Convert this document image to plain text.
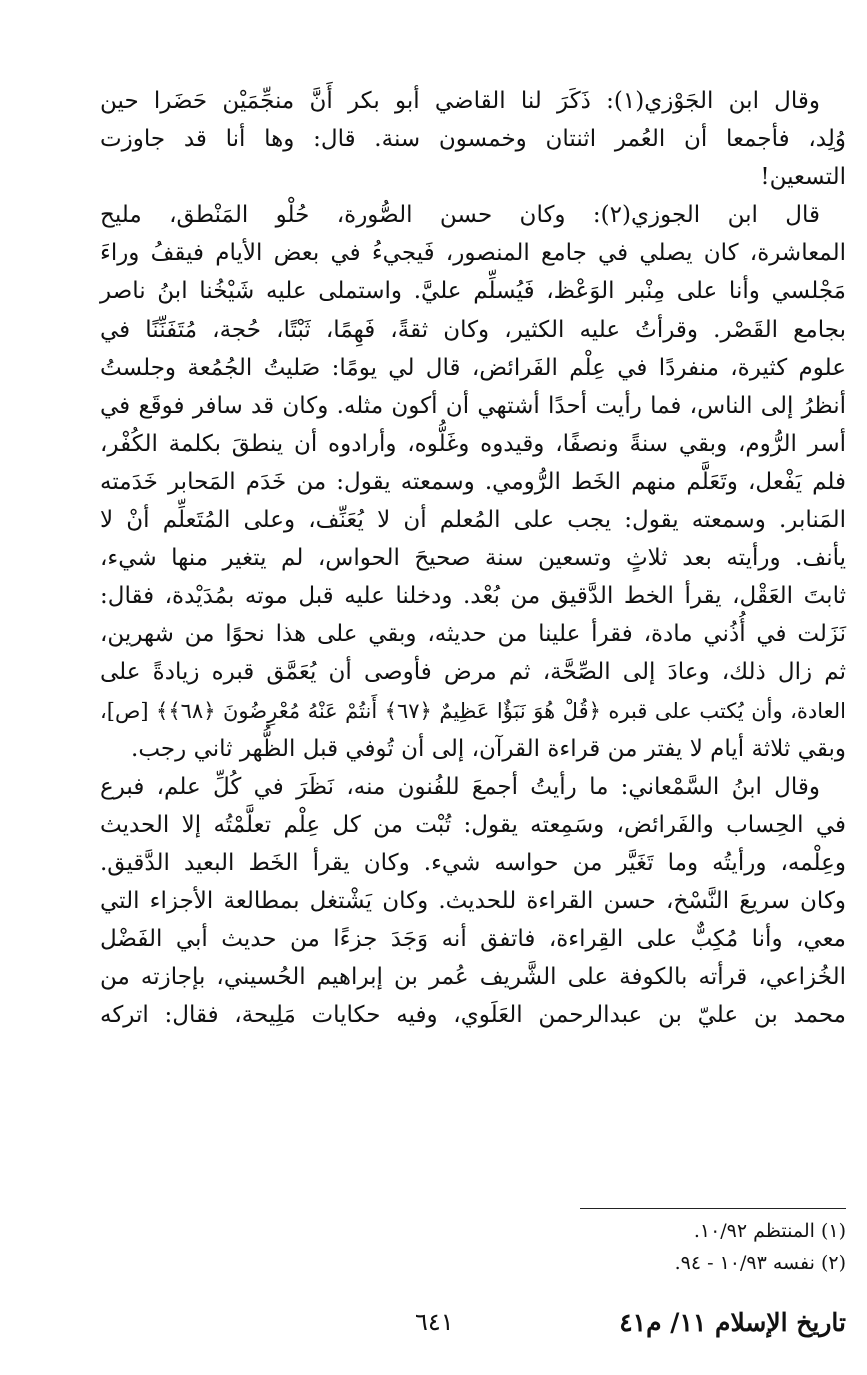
وقال ابن الجَوْزي(١): ذَكَرَ لنا القاضي أبو بكر أَنَّ منجِّمَيْن حَضَرا حين
وُلِد، فأجمعا أن العُمر اثنتان وخمسون سنة. قال: وها أنا قد جاوزت
التسعين!
قال ابن الجوزي(٢): وكان حسن الصُّورة، حُلْو المَنْطق، مليح
المعاشرة، كان يصلي في جامع المنصور، فَيجيءُ في بعض الأيام فيقفُ وراءَ
مَجْلسي وأنا على مِنْبر الوَعْظ، فَيُسلِّم عليَّ. واستملى عليه شَيْخُنا ابنُ ناصر
بجامع القَصْر. وقرأتُ عليه الكثير، وكان ثقةً، فَهِمًا، ثَبْتًا، حُجة، مُتَفَنِّنًا في
علوم كثيرة، منفردًا في عِلْم الفَرائض، قال لي يومًا: صَليتُ الجُمُعة وجلستُ
أنظرُ إلى الناس، فما رأيت أحدًا أشتهي أن أكون مثله. وكان قد سافر فوقَع في
أسر الرُّوم، وبقي سنةً ونصفًا، وقيدوه وغَلُّوه، وأرادوه أن ينطقَ بكلمة الكُفْر،
فلم يَفْعل، وتَعَلَّم منهم الخَط الرُّومي. وسمعته يقول: من خَدَم المَحابر خَدَمته
المَنابر. وسمعته يقول: يجب على المُعلم أن لا يُعَنِّف، وعلى المُتَعلِّم أنْ لا
يأنف. ورأيته بعد ثلاثٍ وتسعين سنة صحيحَ الحواس، لم يتغير منها شيء،
ثابتَ العَقْل، يقرأ الخط الدَّقيق من بُعْد. ودخلنا عليه قبل موته بمُدَيْدة، فقال:
نَزَلت في أُذُني مادة، فقرأ علينا من حديثه، وبقي على هذا نحوًا من شهرين،
ثم زال ذلك، وعادَ إلى الصِّحَّة، ثم مرض فأوصى أن يُعَمَّق قبره زيادةً على
العادة، وأن يُكتب على قبره ﴿قُلْ هُوَ نَبَؤٌا عَظِيمٌ ﴿٦٧﴾ أَنتُمْ عَنْهُ مُعْرِضُونَ ﴿٦٨﴾﴾ [ص]،
وبقي ثلاثة أيام لا يفتر من قراءة القرآن، إلى أن تُوفي قبل الظُّهر ثاني رجب.
وقال ابنُ السَّمْعاني: ما رأيتُ أجمعَ للفُنون منه، نَظَرَ في كُلِّ علم، فبرع
في الحِساب والفَرائض، وسَمِعته يقول: تُبْت من كل عِلْم تعلَّمْتُه إلا الحديث
وعِلْمه، ورأيتُه وما تَغَيَّر من حواسه شيء. وكان يقرأ الخَط البعيد الدَّقيق.
وكان سريعَ النَّسْخ، حسن القراءة للحديث. وكان يَشْتغل بمطالعة الأجزاء التي
معي، وأنا مُكِبٌّ على القِراءة، فاتفق أنه وَجَدَ جزءًا من حديث أبي الفَضْل
الخُزاعي، قرأته بالكوفة على الشَّريف عُمر بن إبراهيم الحُسيني، بإجازته من
محمد بن عليّ بن عبدالرحمن العَلَوي، وفيه حكايات مَلِيحة، فقال: اتركه
(١) المنتظم ١٠/٩٢.
(٢) نفسه ١٠/٩٣ - ٩٤.
تاريخ الإسلام ١١/ م٤١
٦٤١
